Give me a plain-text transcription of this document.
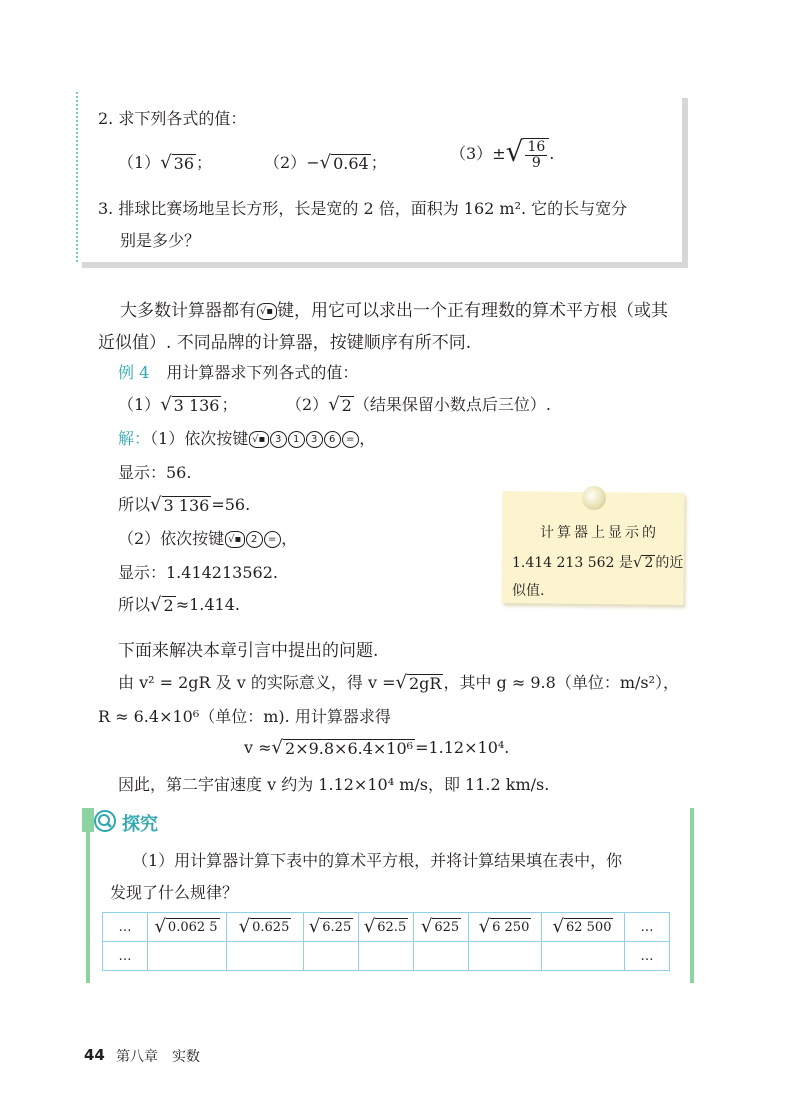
2. 求下列各式的值：
（1） √ 36 ；	（2）− √ 0.64 ；	（3）± √ $\frac{16}{9}$ .
3. 排球比赛场地呈长方形，长是宽的 2 倍，面积为 162 m². 它的长与宽分
别是多少？
大多数计算器都有 √▪ 键，用它可以求出一个正有理数的算术平方根（或其
近似值）. 不同品牌的计算器，按键顺序有所不同.
例 4 用计算器求下列各式的值：
（1） √ 3 136 ；	（2） √ 2 （结果保留小数点后三位）.
解：（1）依次按键 √▪ 3 1 3 6 = ，
显示：56.
所以 √ 3 136 =56.
（2）依次按键 √▪ 2 = ，
显示：1.414213562.
所以 √ 2 ≈1.414.
计算器上显示的
1.414 213 562 是 √ 2 的近
似值.
下面来解决本章引言中提出的问题.
由 v² = 2gR 及 v 的实际意义，得 v = √ 2gR ，其中 g ≈ 9.8（单位：m/s²），
R ≈ 6.4×10⁶（单位：m). 用计算器求得
v ≈ √ 2×9.8×6.4×10⁶ =1.12×10⁴.
因此，第二宇宙速度 v 约为 1.12×10⁴ m/s，即 11.2 km/s.
探究
（1）用计算器计算下表中的算术平方根，并将计算结果填在表中，你
发现了什么规律？
…	√ 0.062 5	√ 0.625	√ 6.25	√ 62.5	√ 625	√ 6 250	√ 62 500	…
…								…
44 第八章　实数
